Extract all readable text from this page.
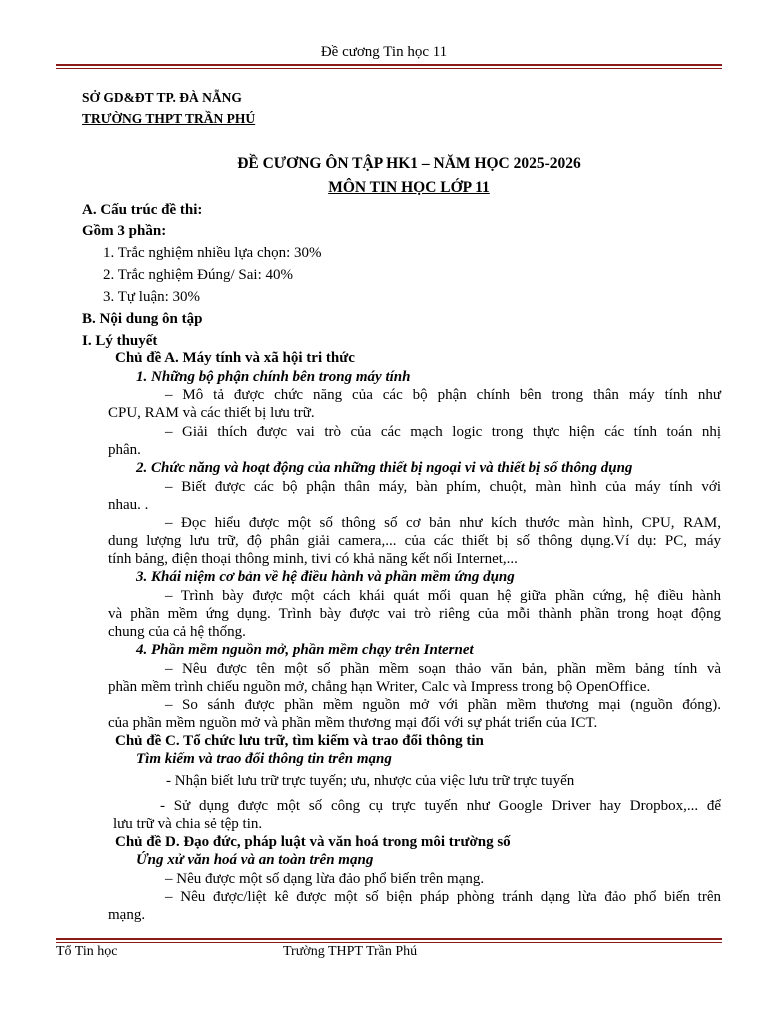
Đề cương Tin học 11
SỞ GD&ĐT TP. ĐÀ NẴNG
TRƯỜNG THPT TRẦN PHÚ
ĐỀ CƯƠNG ÔN TẬP HK1 – NĂM HỌC 2025-2026
MÔN TIN HỌC LỚP 11
A. Cấu trúc đề thi:
Gồm 3 phần:
1. Trắc nghiệm nhiều lựa chọn: 30%
2. Trắc nghiệm Đúng/ Sai: 40%
3. Tự luận: 30%
B. Nội dung ôn tập
I. Lý thuyết
Chủ đề A. Máy tính và xã hội tri thức
1. Những bộ phận chính bên trong máy tính
– Mô tả được chức năng của các bộ phận chính bên trong thân máy tính như
CPU, RAM và các thiết bị lưu trữ.
– Giải thích được vai trò của các mạch logic trong thực hiện các tính toán nhị
phân.
2. Chức năng và hoạt động của những thiết bị ngoại vi và thiết bị số thông dụng
– Biết được các bộ phận thân máy, bàn phím, chuột, màn hình của máy tính với
nhau. .
– Đọc hiểu được một số thông số cơ bản như kích thước màn hình, CPU, RAM,
dung lượng lưu trữ, độ phân giải camera,... của các thiết bị số thông dụng.Ví dụ: PC, máy
tính bảng, điện thoại thông minh, tivi có khả năng kết nối Internet,...
3. Khái niệm cơ bản về hệ điều hành và phần mềm ứng dụng
– Trình bày được một cách khái quát mối quan hệ giữa phần cứng, hệ điều hành
và phần mềm ứng dụng. Trình bày được vai trò riêng của mỗi thành phần trong hoạt động
chung của cả hệ thống.
4. Phần mềm nguồn mở, phần mềm chạy trên Internet
– Nêu được tên một số phần mềm soạn thảo văn bản, phần mềm bảng tính và
phần mềm trình chiếu nguồn mở, chẳng hạn Writer, Calc và Impress trong bộ OpenOffice.
– So sánh được phần mềm nguồn mở với phần mềm thương mại (nguồn đóng).
của phần mềm nguồn mở và phần mềm thương mại đối với sự phát triển của ICT.
Chủ đề C. Tổ chức lưu trữ, tìm kiếm và trao đổi thông tin
Tìm kiếm và trao đổi thông tin trên mạng
- Nhận biết lưu trữ trực tuyến; ưu, nhược của việc lưu trữ trực tuyến
- Sử dụng được một số công cụ trực tuyến như Google Driver hay Dropbox,... để
lưu trữ và chia sẻ tệp tin.
Chủ đề D. Đạo đức, pháp luật và văn hoá trong môi trường số
Ứng xử văn hoá và an toàn trên mạng
– Nêu được một số dạng lừa đảo phổ biến trên mạng.
– Nêu được/liệt kê được một số biện pháp phòng tránh dạng lừa đảo phổ biến trên
mạng.
Tổ Tin học	Trường THPT Trần Phú
